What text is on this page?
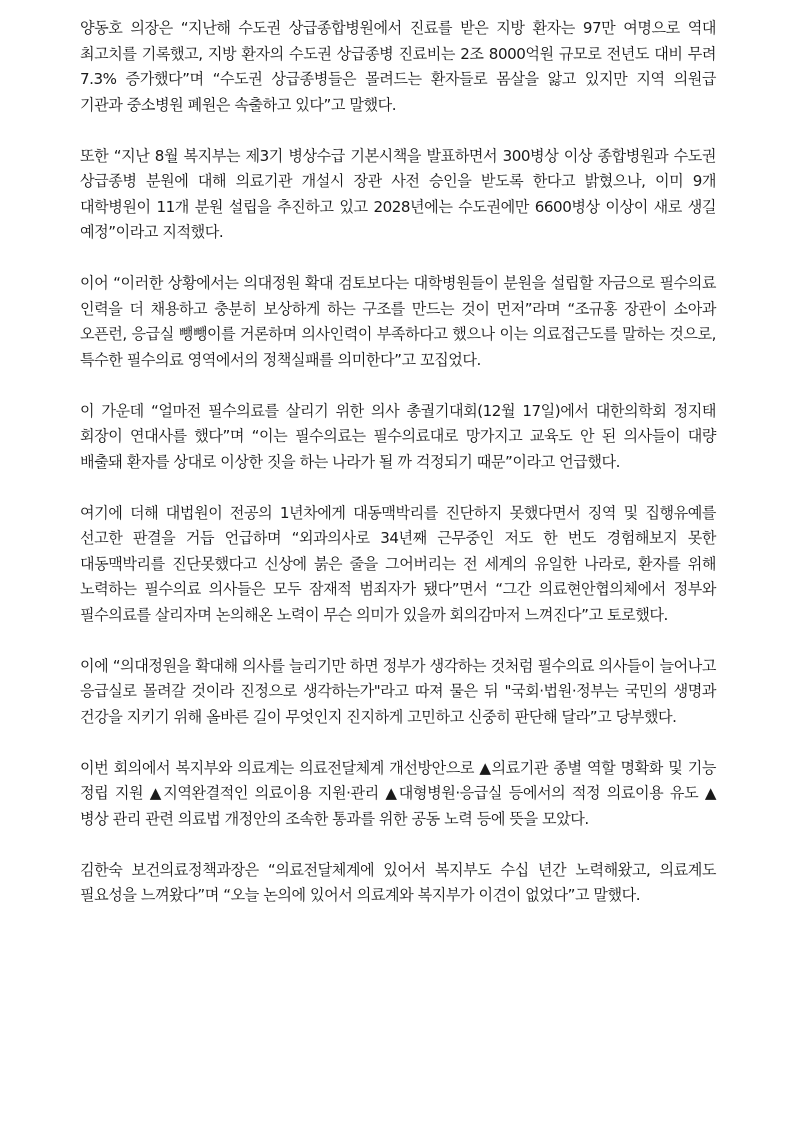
양동호 의장은 “지난해 수도권 상급종합병원에서 진료를 받은 지방 환자는 97만 여명으로 역대 최고치를 기록했고, 지방 환자의 수도권 상급종병 진료비는 2조 8000억원 규모로 전년도 대비 무려 7.3% 증가했다”며 “수도권 상급종병들은 몰려드는 환자들로 몸살을 앓고 있지만 지역 의원급 기관과 중소병원 폐원은 속출하고 있다”고 말했다.

또한 “지난 8월 복지부는 제3기 병상수급 기본시책을 발표하면서 300병상 이상 종합병원과 수도권 상급종병 분원에 대해 의료기관 개설시 장관 사전 승인을 받도록 한다고 밝혔으나, 이미 9개 대학병원이 11개 분원 설립을 추진하고 있고 2028년에는 수도권에만 6600병상 이상이 새로 생길 예정”이라고 지적했다.

이어 “이러한 상황에서는 의대정원 확대 검토보다는 대학병원들이 분원을 설립할 자금으로 필수의료 인력을 더 채용하고 충분히 보상하게 하는 구조를 만드는 것이 먼저”라며 “조규홍 장관이 소아과 오픈런, 응급실 뺑뺑이를 거론하며 의사인력이 부족하다고 했으나 이는 의료접근도를 말하는 것으로, 특수한 필수의료 영역에서의 정책실패를 의미한다”고 꼬집었다.

이 가운데 “얼마전 필수의료를 살리기 위한 의사 총궐기대회(12월 17일)에서 대한의학회 정지태 회장이 연대사를 했다”며 “이는 필수의료는 필수의료대로 망가지고 교육도 안 된 의사들이 대량 배출돼 환자를 상대로 이상한 짓을 하는 나라가 될 까 걱정되기 때문”이라고 언급했다.

여기에 더해 대법원이 전공의 1년차에게 대동맥박리를 진단하지 못했다면서 징역 및 집행유예를 선고한 판결을 거듭 언급하며 “외과의사로 34년째 근무중인 저도 한 번도 경험해보지 못한 대동맥박리를 진단못했다고 신상에 붉은 줄을 그어버리는 전 세계의 유일한 나라로, 환자를 위해 노력하는 필수의료 의사들은 모두 잠재적 범죄자가 됐다”면서 “그간 의료현안협의체에서 정부와 필수의료를 살리자며 논의해온 노력이 무슨 의미가 있을까 회의감마저 느껴진다”고 토로했다.

이에 “의대정원을 확대해 의사를 늘리기만 하면 정부가 생각하는 것처럼 필수의료 의사들이 늘어나고 응급실로 몰려갈 것이라 진정으로 생각하는가"라고 따져 물은 뒤 "국회·법원·정부는 국민의 생명과 건강을 지키기 위해 올바른 길이 무엇인지 진지하게 고민하고 신중히 판단해 달라”고 당부했다.

이번 회의에서 복지부와 의료계는 의료전달체계 개선방안으로 ▲의료기관 종별 역할 명확화 및 기능 정립 지원 ▲지역완결적인 의료이용 지원·관리 ▲대형병원·응급실 등에서의 적정 의료이용 유도 ▲병상 관리 관련 의료법 개정안의 조속한 통과를 위한 공동 노력 등에 뜻을 모았다.

김한숙 보건의료정책과장은 “의료전달체계에 있어서 복지부도 수십 년간 노력해왔고, 의료계도 필요성을 느껴왔다”며 “오늘 논의에 있어서 의료계와 복지부가 이견이 없었다”고 말했다.
